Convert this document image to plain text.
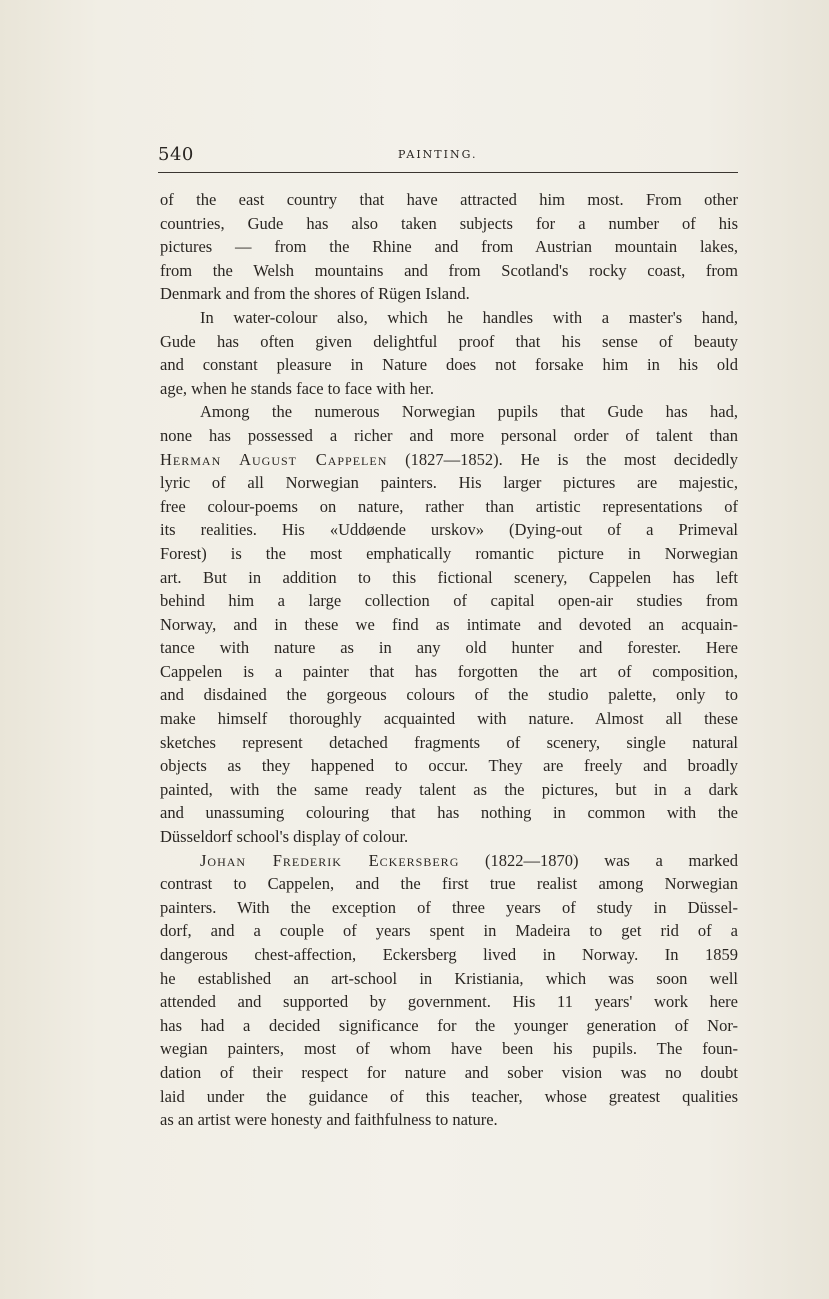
540	PAINTING.
of the east country that have attracted him most. From other
countries, Gude has also taken subjects for a number of his
pictures — from the Rhine and from Austrian mountain lakes,
from the Welsh mountains and from Scotland's rocky coast, from
Denmark and from the shores of Rügen Island.
In water-colour also, which he handles with a master's hand,
Gude has often given delightful proof that his sense of beauty
and constant pleasure in Nature does not forsake him in his old
age, when he stands face to face with her.
Among the numerous Norwegian pupils that Gude has had,
none has possessed a richer and more personal order of talent than
Herman August Cappelen (1827—1852). He is the most decidedly
lyric of all Norwegian painters. His larger pictures are majestic,
free colour-poems on nature, rather than artistic representations of
its realities. His «Uddøende urskov» (Dying-out of a Primeval
Forest) is the most emphatically romantic picture in Norwegian
art. But in addition to this fictional scenery, Cappelen has left
behind him a large collection of capital open-air studies from
Norway, and in these we find as intimate and devoted an acquain-
tance with nature as in any old hunter and forester. Here
Cappelen is a painter that has forgotten the art of composition,
and disdained the gorgeous colours of the studio palette, only to
make himself thoroughly acquainted with nature. Almost all these
sketches represent detached fragments of scenery, single natural
objects as they happened to occur. They are freely and broadly
painted, with the same ready talent as the pictures, but in a dark
and unassuming colouring that has nothing in common with the
Düsseldorf school's display of colour.
Johan Frederik Eckersberg (1822—1870) was a marked
contrast to Cappelen, and the first true realist among Norwegian
painters. With the exception of three years of study in Düssel-
dorf, and a couple of years spent in Madeira to get rid of a
dangerous chest-affection, Eckersberg lived in Norway. In 1859
he established an art-school in Kristiania, which was soon well
attended and supported by government. His 11 years' work here
has had a decided significance for the younger generation of Nor-
wegian painters, most of whom have been his pupils. The foun-
dation of their respect for nature and sober vision was no doubt
laid under the guidance of this teacher, whose greatest qualities
as an artist were honesty and faithfulness to nature.
